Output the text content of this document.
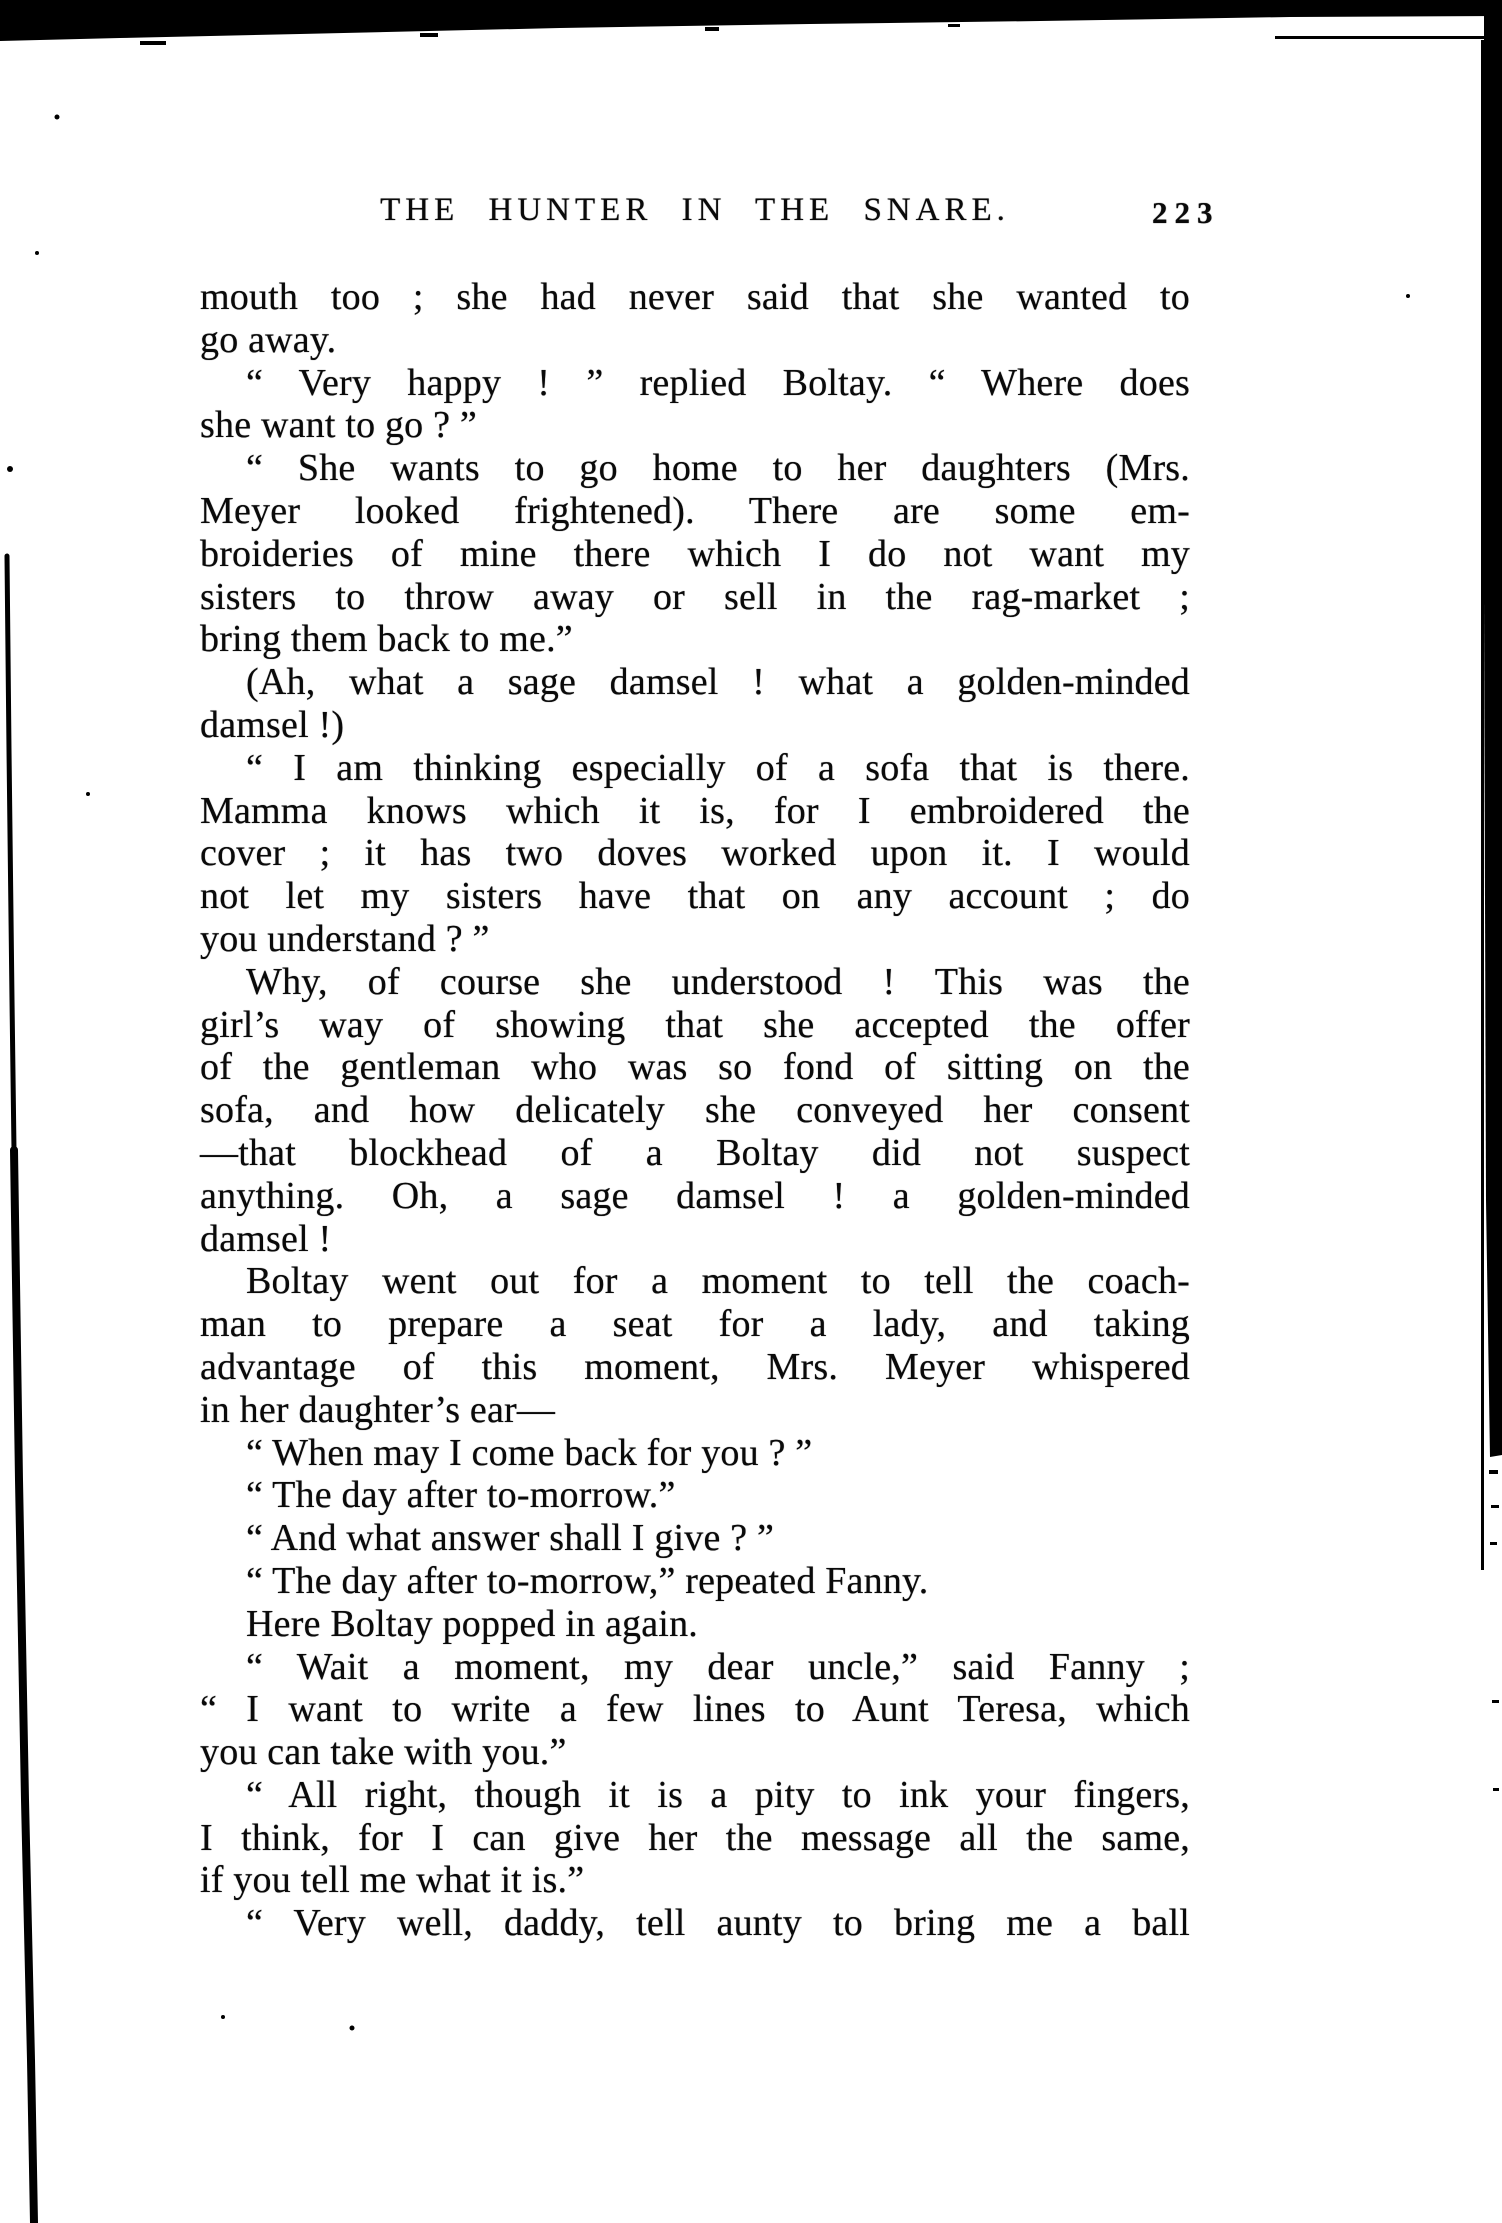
THE HUNTER IN THE SNARE.	223
mouth too ; she had never said that she wanted to
go away.
“ Very happy ! ” replied Boltay. “ Where does
she want to go ? ”
“ She wants to go home to her daughters (Mrs.
Meyer looked frightened). There are some em-
broideries of mine there which I do not want my
sisters to throw away or sell in the rag-market ;
bring them back to me.”
(Ah, what a sage damsel ! what a golden-minded
damsel !)
“ I am thinking especially of a sofa that is there.
Mamma knows which it is, for I embroidered the
cover ; it has two doves worked upon it. I would
not let my sisters have that on any account ; do
you understand ? ”
Why, of course she understood ! This was the
girl’s way of showing that she accepted the offer
of the gentleman who was so fond of sitting on the
sofa, and how delicately she conveyed her consent
—that blockhead of a Boltay did not suspect
anything. Oh, a sage damsel ! a golden-minded
damsel !
Boltay went out for a moment to tell the coach-
man to prepare a seat for a lady, and taking
advantage of this moment, Mrs. Meyer whispered
in her daughter’s ear—
“ When may I come back for you ? ”
“ The day after to-morrow.”
“ And what answer shall I give ? ”
“ The day after to-morrow,” repeated Fanny.
Here Boltay popped in again.
“ Wait a moment, my dear uncle,” said Fanny ;
“ I want to write a few lines to Aunt Teresa, which
you can take with you.”
“ All right, though it is a pity to ink your fingers,
I think, for I can give her the message all the same,
if you tell me what it is.”
“ Very well, daddy, tell aunty to bring me a ball
